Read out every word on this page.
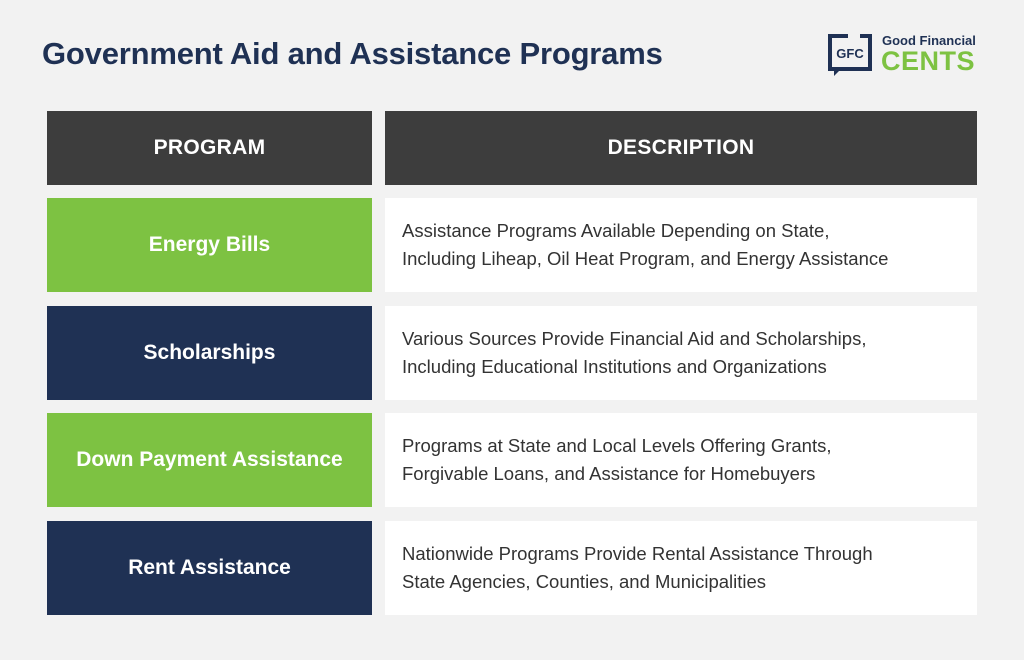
Government Aid and Assistance Programs	GFC
Good Financial
CENTS
PROGRAM	DESCRIPTION
Energy Bills
Assistance Programs Available Depending on State,
Including Liheap, Oil Heat Program, and Energy Assistance
Scholarships
Various Sources Provide Financial Aid and Scholarships,
Including Educational Institutions and Organizations
Down Payment Assistance
Programs at State and Local Levels Offering Grants,
Forgivable Loans, and Assistance for Homebuyers
Rent Assistance
Nationwide Programs Provide Rental Assistance Through
State Agencies, Counties, and Municipalities
